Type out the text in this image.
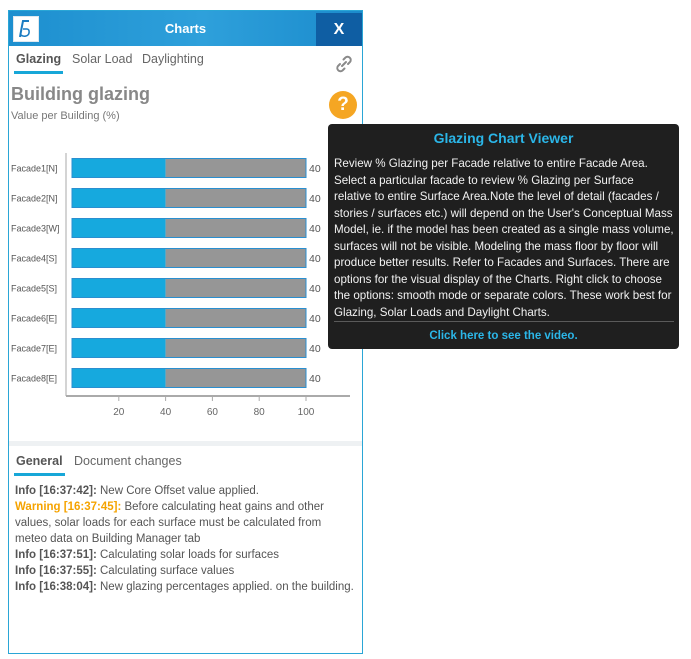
Charts	X
Glazing Solar Load Daylighting
Building glazing
Value per Building (%)
?
Facade1[N]	40
Facade2[N]	40
Facade3[W]	40
Facade4[S]	40
Facade5[S]	40
Facade6[E]	40
Facade7[E]	40
Facade8[E]	40
20	40	60	80	100
General Document changes
Info [16:37:42]: New Core Offset value applied.
Warning [16:37:45]: Before calculating heat gains and other values, solar loads for each surface must be calculated from meteo data on Building Manager tab
Info [16:37:51]: Calculating solar loads for surfaces
Info [16:37:55]: Calculating surface values
Info [16:38:04]: New glazing percentages applied. on the building.
Glazing Chart Viewer
Review % Glazing per Facade relative to entire Facade Area. Select a particular facade to review % Glazing per Surface relative to entire Surface Area.Note the level of detail (facades / stories / surfaces etc.) will depend on the User's Conceptual Mass Model, ie. if the model has been created as a single mass volume, surfaces will not be visible. Modeling the mass floor by floor will produce better results. Refer to Facades and Surfaces. There are options for the visual display of the Charts. Right click to choose the options: smooth mode or separate colors. These work best for Glazing, Solar Loads and Daylight Charts.
Click here to see the video.
